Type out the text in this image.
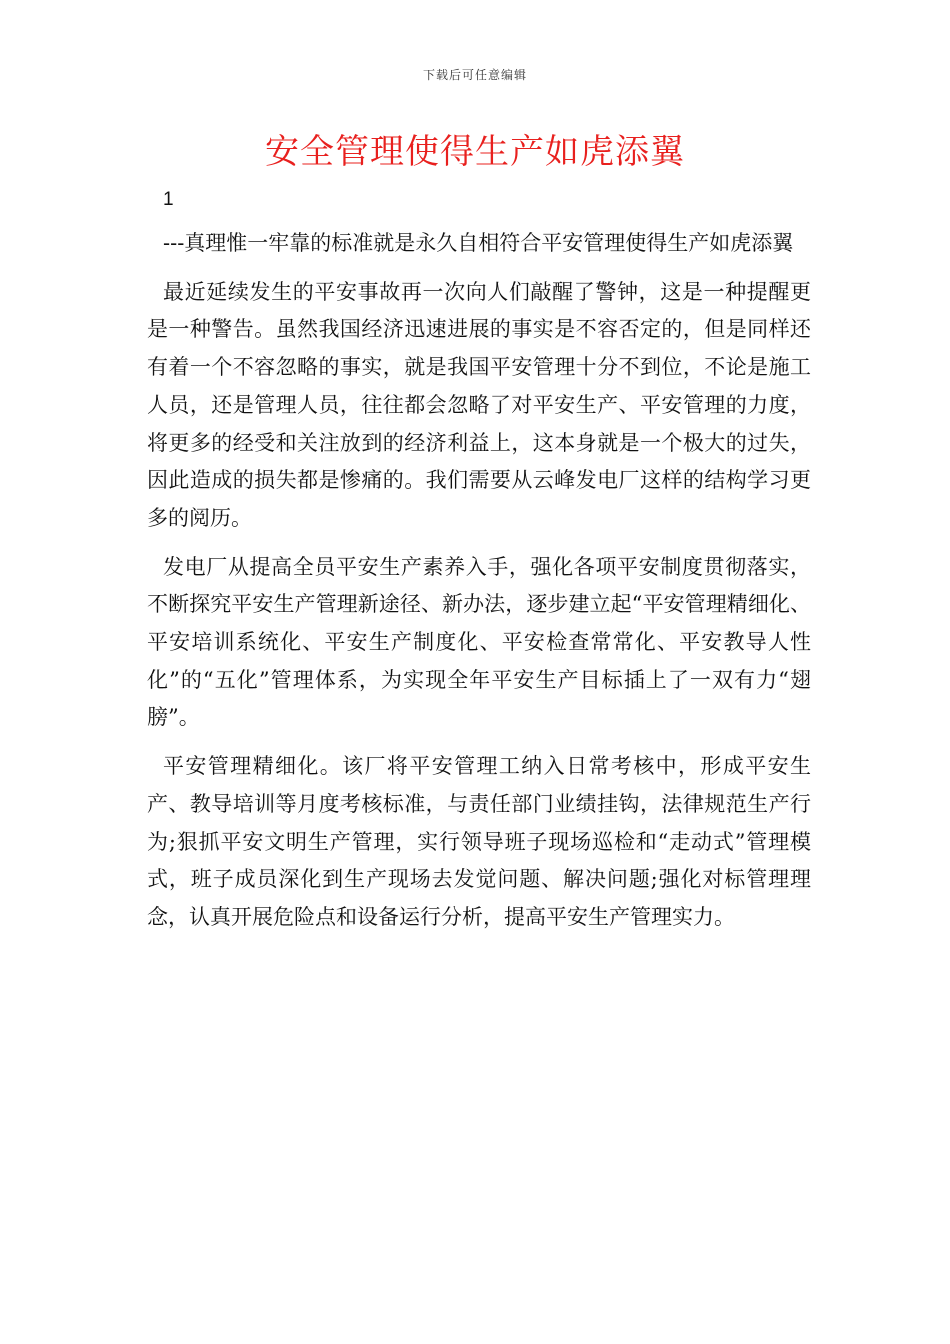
下载后可任意编辑
安全管理使得生产如虎添翼
1

---真理惟一牢靠的标准就是永久自相符合平安管理使得生产如虎添翼

最近延续发生的平安事故再一次向人们敲醒了警钟，这是一种提醒更是一种警告。虽然我国经济迅速进展的事实是不容否定的，但是同样还有着一个不容忽略的事实，就是我国平安管理十分不到位，不论是施工人员，还是管理人员，往往都会忽略了对平安生产、平安管理的力度，将更多的经受和关注放到的经济利益上，这本身就是一个极大的过失，因此造成的损失都是惨痛的。我们需要从云峰发电厂这样的结构学习更多的阅历。

发电厂从提高全员平安生产素养入手，强化各项平安制度贯彻落实，不断探究平安生产管理新途径、新办法，逐步建立起“平安管理精细化、平安培训系统化、平安生产制度化、平安检查常常化、平安教导人性化”的“五化”管理体系，为实现全年平安生产目标插上了一双有力“翅膀”。

平安管理精细化。该厂将平安管理工纳入日常考核中，形成平安生产、教导培训等月度考核标准，与责任部门业绩挂钩，法律规范生产行为;狠抓平安文明生产管理，实行领导班子现场巡检和“走动式”管理模式，班子成员深化到生产现场去发觉问题、解决问题;强化对标管理理念，认真开展危险点和设备运行分析，提高平安生产管理实力。
